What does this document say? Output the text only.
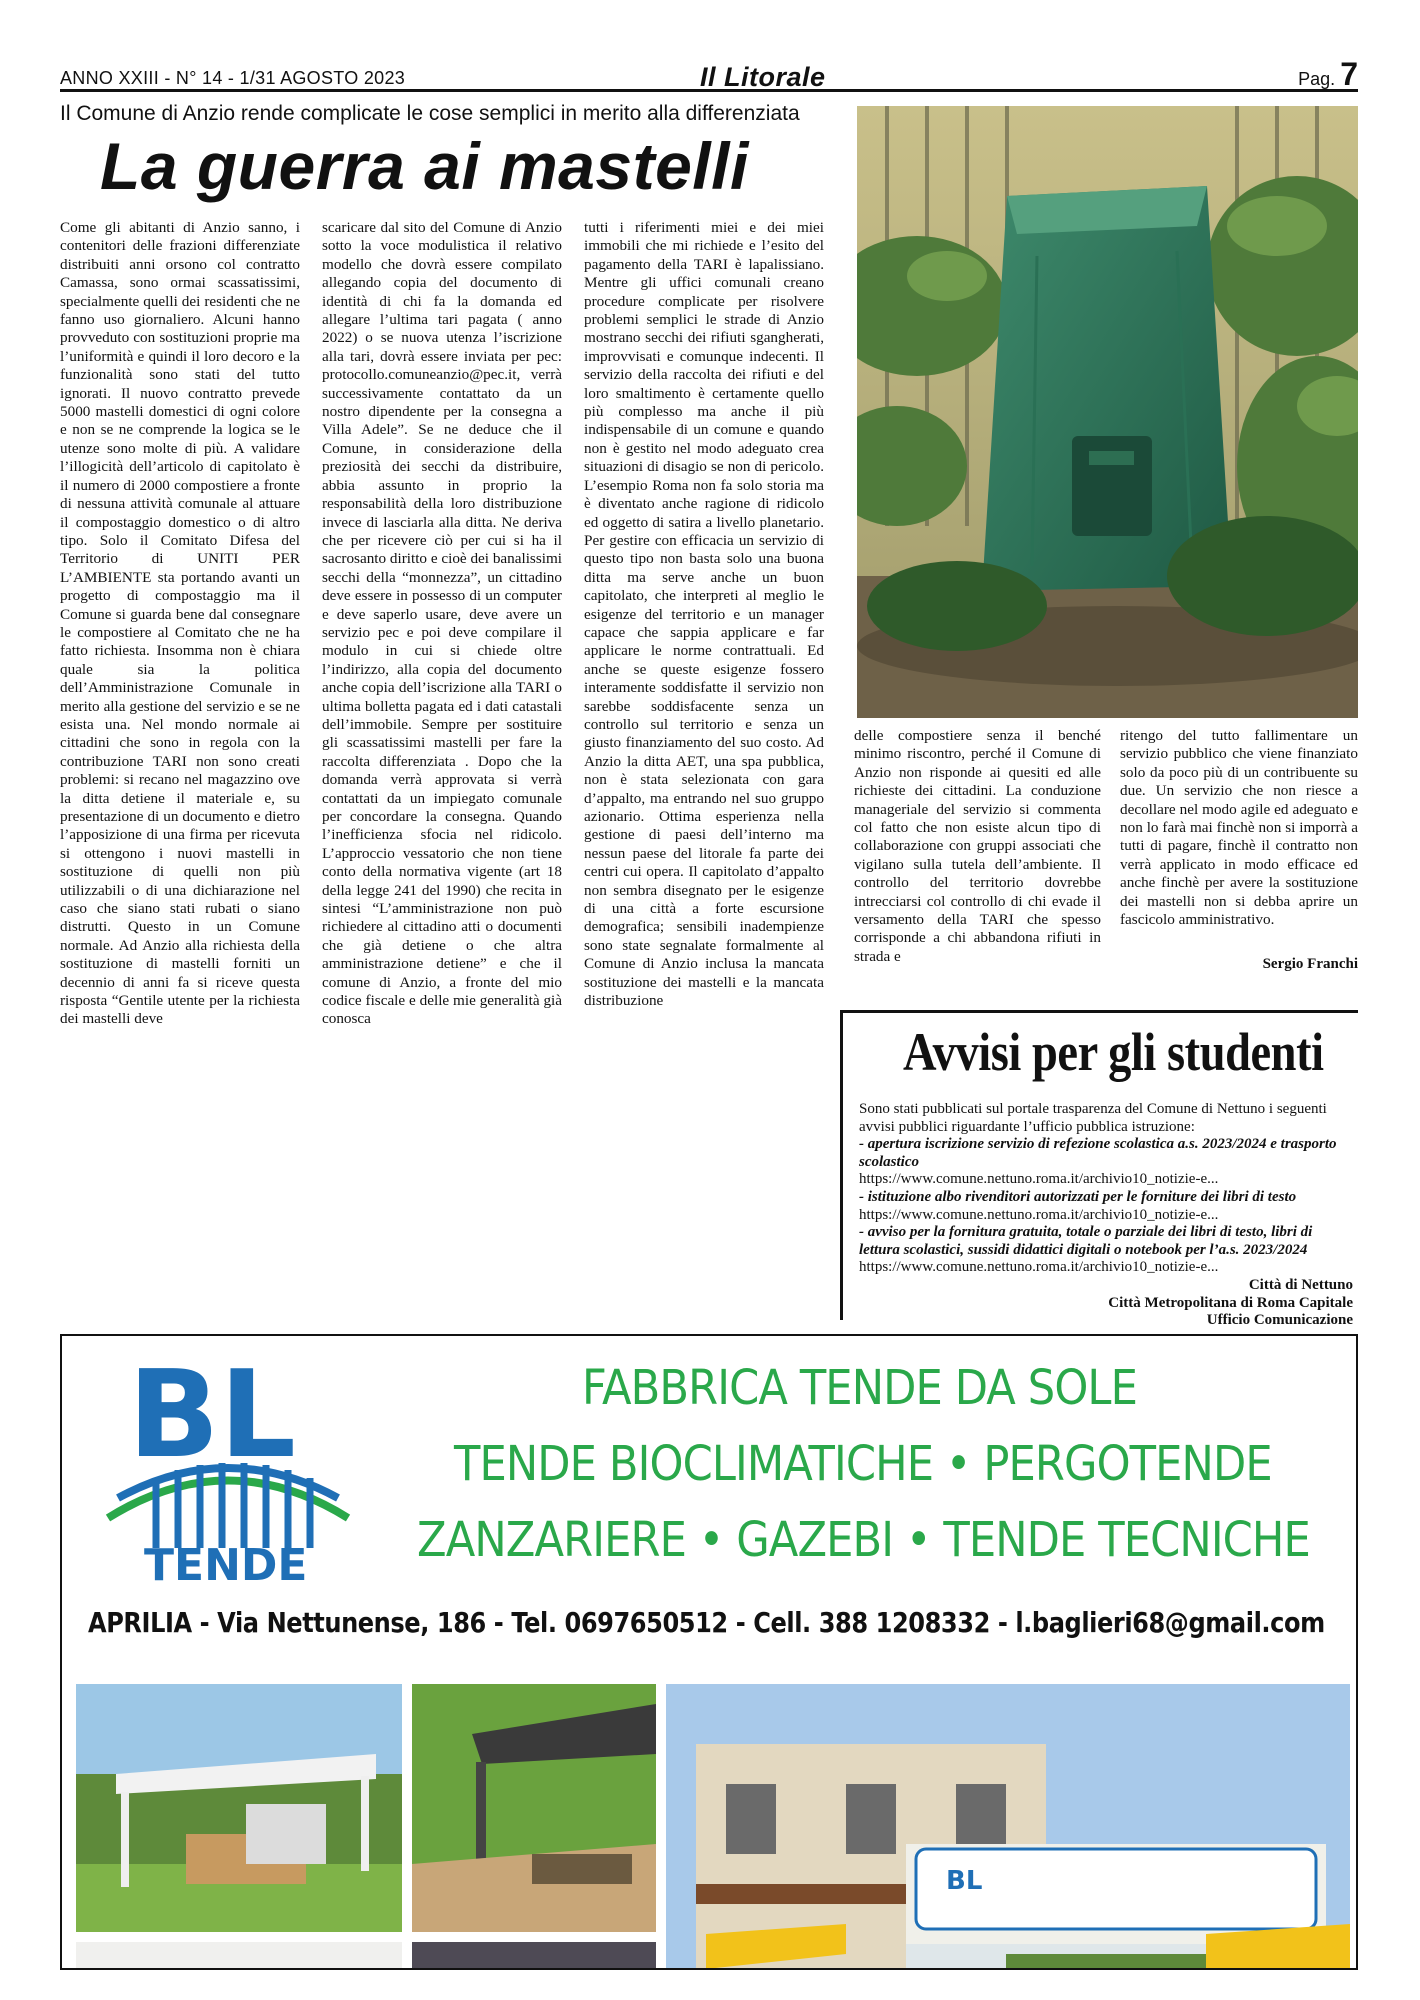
ANNO XXIII - N° 14 - 1/31 AGOSTO 2023	Il Litorale	Pag. 7
Il Comune di Anzio rende complicate le cose semplici in merito alla differenziata
La guerra ai mastelli

Come gli abitanti di Anzio sanno, i contenitori delle frazioni differenziate distribuiti anni orsono col contratto Camassa, sono ormai scassatissimi, specialmente quelli dei residenti che ne fanno uso giornaliero. Alcuni hanno provveduto con sostituzioni proprie ma l’uniformità e quindi il loro decoro e la funzionalità sono stati del tutto ignorati. Il nuovo contratto prevede 5000 mastelli domestici di ogni colore e non se ne comprende la logica se le utenze sono molte di più. A validare l’illogicità dell’articolo di capitolato è il numero di 2000 compostiere a fronte di nessuna attività comunale al attuare il compostaggio domestico o di altro tipo. Solo il Comitato Difesa del Territorio di UNITI PER L’AMBIENTE sta portando avanti un progetto di compostaggio ma il Comune si guarda bene dal consegnare le compostiere al Comitato che ne ha fatto richiesta. Insomma non è chiara quale sia la politica dell’Amministrazione Comunale in merito alla gestione del servizio e se ne esista una. Nel mondo normale ai cittadini che sono in regola con la contribuzione TARI non sono creati problemi: si recano nel magazzino ove la ditta detiene il materiale e, su presentazione di un documento e dietro l’apposizione di una firma per ricevuta si ottengono i nuovi mastelli in sostituzione di quelli non più utilizzabili o di una dichiarazione nel caso che siano stati rubati o siano distrutti. Questo in un Comune normale. Ad Anzio alla richiesta della sostituzione di mastelli forniti un decennio di anni fa si riceve questa risposta “Gentile utente per la richiesta dei mastelli deve

scaricare dal sito del Comune di Anzio sotto la voce modulistica il relativo modello che dovrà essere compilato allegando copia del documento di identità di chi fa la domanda ed allegare l’ultima tari pagata ( anno 2022) o se nuova utenza l’iscrizione alla tari, dovrà essere inviata per pec: protocollo.comuneanzio@pec.it, verrà successivamente contattato da un nostro dipendente per la consegna a Villa Adele”. Se ne deduce che il Comune, in considerazione della preziosità dei secchi da distribuire, abbia assunto in proprio la responsabilità della loro distribuzione invece di lasciarla alla ditta. Ne deriva che per ricevere ciò per cui si ha il sacrosanto diritto e cioè dei banalissimi secchi della “monnezza”, un cittadino deve essere in possesso di un computer e deve saperlo usare, deve avere un servizio pec e poi deve compilare il modulo in cui si chiede oltre l’indirizzo, alla copia del documento anche copia dell’iscrizione alla TARI o ultima bolletta pagata ed i dati catastali dell’immobile. Sempre per sostituire gli scassatissimi mastelli per fare la raccolta differenziata . Dopo che la domanda verrà approvata si verrà contattati da un impiegato comunale per concordare la consegna. Quando l’inefficienza sfocia nel ridicolo. L’approccio vessatorio che non tiene conto della normativa vigente (art 18 della legge 241 del 1990) che recita in sintesi “L’amministrazione non può richiedere al cittadino atti o documenti che già detiene o che altra amministrazione detiene” e che il comune di Anzio, a fronte del mio codice fiscale e delle mie generalità già conosca

tutti i riferimenti miei e dei miei immobili che mi richiede e l’esito del pagamento della TARI è lapalissiano. Mentre gli uffici comunali creano procedure complicate per risolvere problemi semplici le strade di Anzio mostrano secchi dei rifiuti sgangherati, improvvisati e comunque indecenti. Il servizio della raccolta dei rifiuti e del loro smaltimento è certamente quello più complesso ma anche il più indispensabile di un comune e quando non è gestito nel modo adeguato crea situazioni di disagio se non di pericolo. L’esempio Roma non fa solo storia ma è diventato anche ragione di ridicolo ed oggetto di satira a livello planetario. Per gestire con efficacia un servizio di questo tipo non basta solo una buona ditta ma serve anche un buon capitolato, che interpreti al meglio le esigenze del territorio e un manager capace che sappia applicare e far applicare le norme contrattuali. Ed anche se queste esigenze fossero interamente soddisfatte il servizio non sarebbe soddisfacente senza un controllo sul territorio e senza un giusto finanziamento del suo costo. Ad Anzio la ditta AET, una spa pubblica, non è stata selezionata con gara d’appalto, ma entrando nel suo gruppo azionario. Ottima esperienza nella gestione di paesi dell’interno ma nessun paese del litorale fa parte dei centri cui opera. Il capitolato d’appalto non sembra disegnato per le esigenze di una città a forte escursione demografica; sensibili inadempienze sono state segnalate formalmente al Comune di Anzio inclusa la mancata sostituzione dei mastelli e la mancata distribuzione

delle compostiere senza il benché minimo riscontro, perché il Comune di Anzio non risponde ai quesiti ed alle richieste dei cittadini. La conduzione manageriale del servizio si commenta col fatto che non esiste alcun tipo di collaborazione con gruppi associati che vigilano sulla tutela dell’ambiente. Il controllo del territorio dovrebbe intrecciarsi col controllo di chi evade il versamento della TARI che spesso corrisponde a chi abbandona rifiuti in strada e

ritengo del tutto fallimentare un servizio pubblico che viene finanziato solo da poco più di un contribuente su due. Un servizio che non riesce a decollare nel modo agile ed adeguato e non lo farà mai finchè non si imporrà a tutti di pagare, finchè il contratto non verrà applicato in modo efficace ed anche finchè per avere la sostituzione dei mastelli non si debba aprire un fascicolo amministrativo.

Sergio Franchi
Avvisi per gli studenti
Sono stati pubblicati sul portale trasparenza del Comune di Nettuno i seguenti avvisi pubblici riguardante l’ufficio pubblica istruzione:
- apertura iscrizione servizio di refezione scolastica a.s. 2023/2024 e trasporto scolastico
https://www.comune.nettuno.roma.it/archivio10_notizie-e...
- istituzione albo rivenditori autorizzati per le forniture dei libri di testo
https://www.comune.nettuno.roma.it/archivio10_notizie-e...
- avviso per la fornitura gratuita, totale o parziale dei libri di testo, libri di lettura scolastici, sussidi didattici digitali o notebook per l’a.s. 2023/2024
https://www.comune.nettuno.roma.it/archivio10_notizie-e...
Città di Nettuno
Città Metropolitana di Roma Capitale
Ufficio Comunicazione
BL
TENDE
FABBRICA TENDE DA SOLE
TENDE BIOCLIMATICHE • PERGOTENDE
ZANZARIERE • GAZEBI • TENDE TECNICHE
APRILIA - Via Nettunense, 186 - Tel. 0697650512 - Cell. 388 1208332 - l.baglieri68@gmail.com
BL
